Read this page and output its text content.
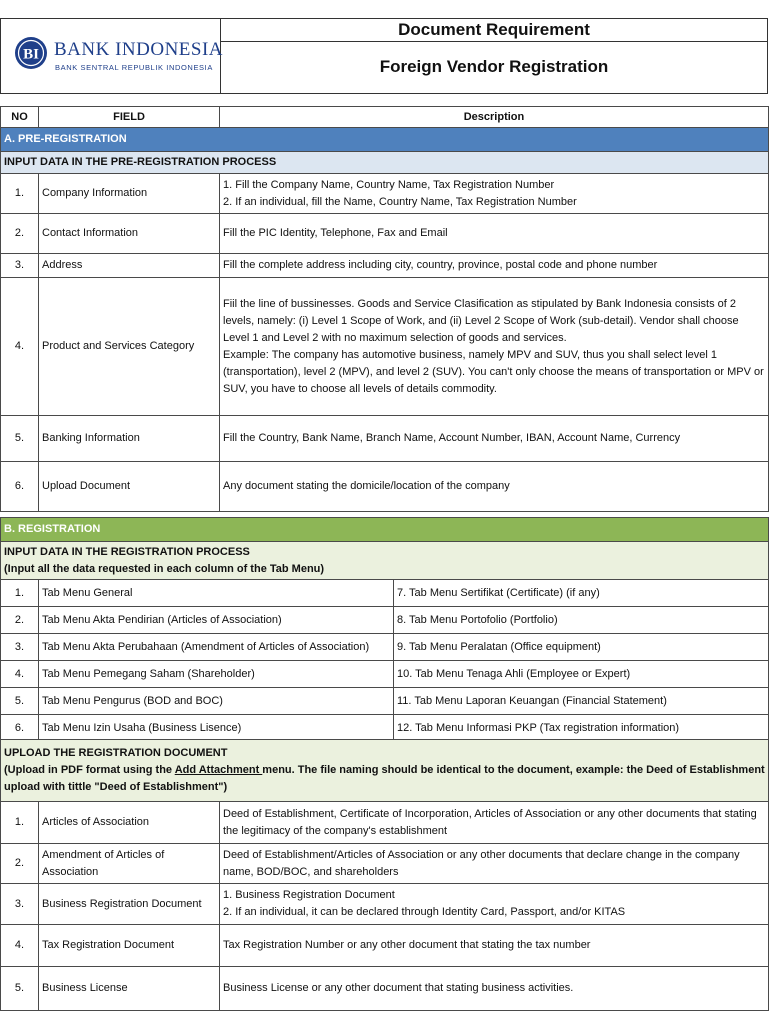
BI BANK INDONESIA
BANK SENTRAL REPUBLIK INDONESIA
Document Requirement
Foreign Vendor Registration
NO	FIELD	Description
A. PRE-REGISTRATION		
INPUT DATA IN THE PRE-REGISTRATION PROCESS		
1.	Company Information	1. Fill the Company Name, Country Name, Tax Registration Number
2. If an individual, fill the Name, Country Name, Tax Registration Number

2.	Contact Information	Fill the PIC Identity, Telephone, Fax and Email
3.	Address	Fill the complete address including city, country, province, postal code and phone number
4.	Product and Services Category	Fiil the line of bussinesses. Goods and Service Clasification as stipulated by Bank Indonesia consists of 2 levels, namely: (i) Level 1 Scope of Work, and (ii) Level 2 Scope of Work (sub-detail). Vendor shall choose Level 1 and Level 2 with no maximum selection of goods and services.
Example: The company has automotive business, namely MPV and SUV, thus you shall select level 1 (transportation), level 2 (MPV), and level 2 (SUV). You can't only choose the means of transportation or MPV or SUV, you have to choose all levels of details commodity.

5.	Banking Information	Fill the Country, Bank Name, Branch Name, Account Number, IBAN, Account Name, Currency
6.	Upload Document	Any document stating the domicile/location of the company
B. REGISTRATION		

INPUT DATA IN THE REGISTRATION PROCESS
(Input all the data requested in each column of the Tab Menu)		

1.	Tab Menu General	7. Tab Menu Sertifikat (Certificate) (if any)
2.	Tab Menu Akta Pendirian (Articles of Association)	8. Tab Menu Portofolio (Portfolio)
3.	Tab Menu Akta Perubahaan (Amendment of Articles of Association)	9. Tab Menu Peralatan (Office equipment)
4.	Tab Menu Pemegang Saham (Shareholder)	10. Tab Menu Tenaga Ahli (Employee or Expert)
5.	Tab Menu Pengurus (BOD and BOC)	11. Tab Menu Laporan Keuangan (Financial Statement)
6.	Tab Menu Izin Usaha (Business Lisence)	12. Tab Menu Informasi PKP (Tax registration information)
UPLOAD THE REGISTRATION DOCUMENT
(Upload in PDF format using the Add Attachment menu. The file naming should be identical to the document, example: the Deed of Establishment upload with tittle "Deed of Establishment")		

1.	Articles of Association	Deed of Establishment, Certificate of Incorporation, Articles of Association or any other documents that stating the legitimacy of the company's establishment
2.	Amendment of Articles of Association	Deed of Establishment/Articles of Association or any other documents that declare change in the company name, BOD/BOC, and shareholders
3.	Business Registration Document	1. Business Registration Document
2. If an individual, it can be declared through Identity Card, Passport, and/or KITAS

4.	Tax Registration Document	Tax Registration Number or any other document that stating the tax number
5.	Business License	Business License or any other document that stating business activities.
